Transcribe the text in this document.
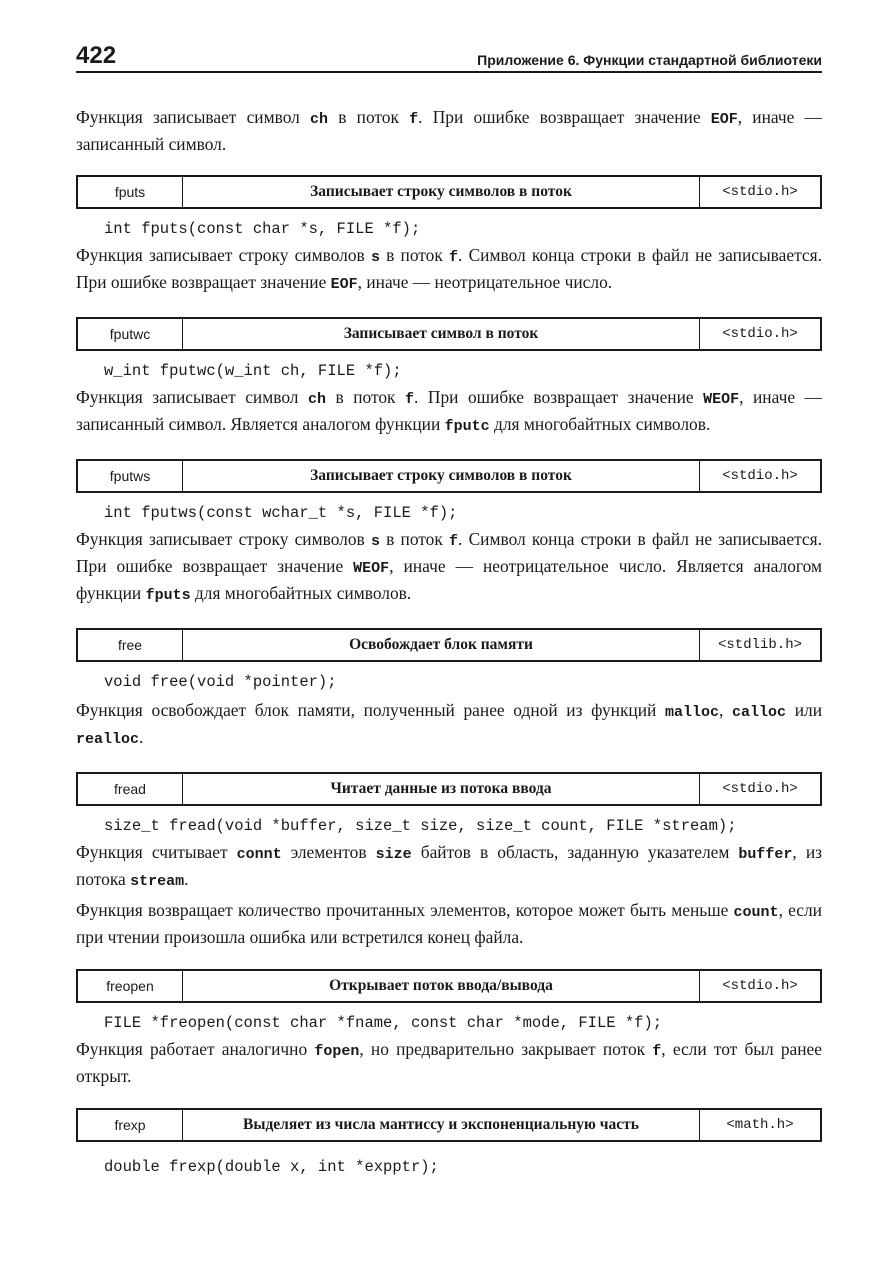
422	Приложение 6. Функции стандартной библиотеки

Функция записывает символ ch в поток f. При ошибке возвращает значение EOF, иначе — записанный символ.

fputs	Записывает строку символов в поток	<stdio.h>
int fputs(const char *s, FILE *f);

Функция записывает строку символов s в поток f. Символ конца строки в файл не записывается. При ошибке возвращает значение EOF, иначе — неотрицательное число.

fputwc	Записывает символ в поток	<stdio.h>
w_int fputwc(w_int ch, FILE *f);

Функция записывает символ ch в поток f. При ошибке возвращает значение WEOF, иначе — записанный символ. Является аналогом функции fputc для многобайтных символов.

fputws	Записывает строку символов в поток	<stdio.h>
int fputws(const wchar_t *s, FILE *f);

Функция записывает строку символов s в поток f. Символ конца строки в файл не записывается. При ошибке возвращает значение WEOF, иначе — неотрицательное число. Является аналогом функции fputs для многобайтных символов.

free	Освобождает блок памяти	<stdlib.h>
void free(void *pointer);

Функция освобождает блок памяти, полученный ранее одной из функций malloc, calloc или realloc.

fread	Читает данные из потока ввода	<stdio.h>
size_t fread(void *buffer, size_t size, size_t count, FILE *stream);

Функция считывает connt элементов size байтов в область, заданную указателем buffer, из потока stream.

Функция возвращает количество прочитанных элементов, которое может быть меньше count, если при чтении произошла ошибка или встретился конец файла.

freopen	Открывает поток ввода/вывода	<stdio.h>
FILE *freopen(const char *fname, const char *mode, FILE *f);

Функция работает аналогично fopen, но предварительно закрывает поток f, если тот был ранее открыт.

frexp	Выделяет из числа мантиссу и экспоненциальную часть	<math.h>
double frexp(double x, int *expptr);
